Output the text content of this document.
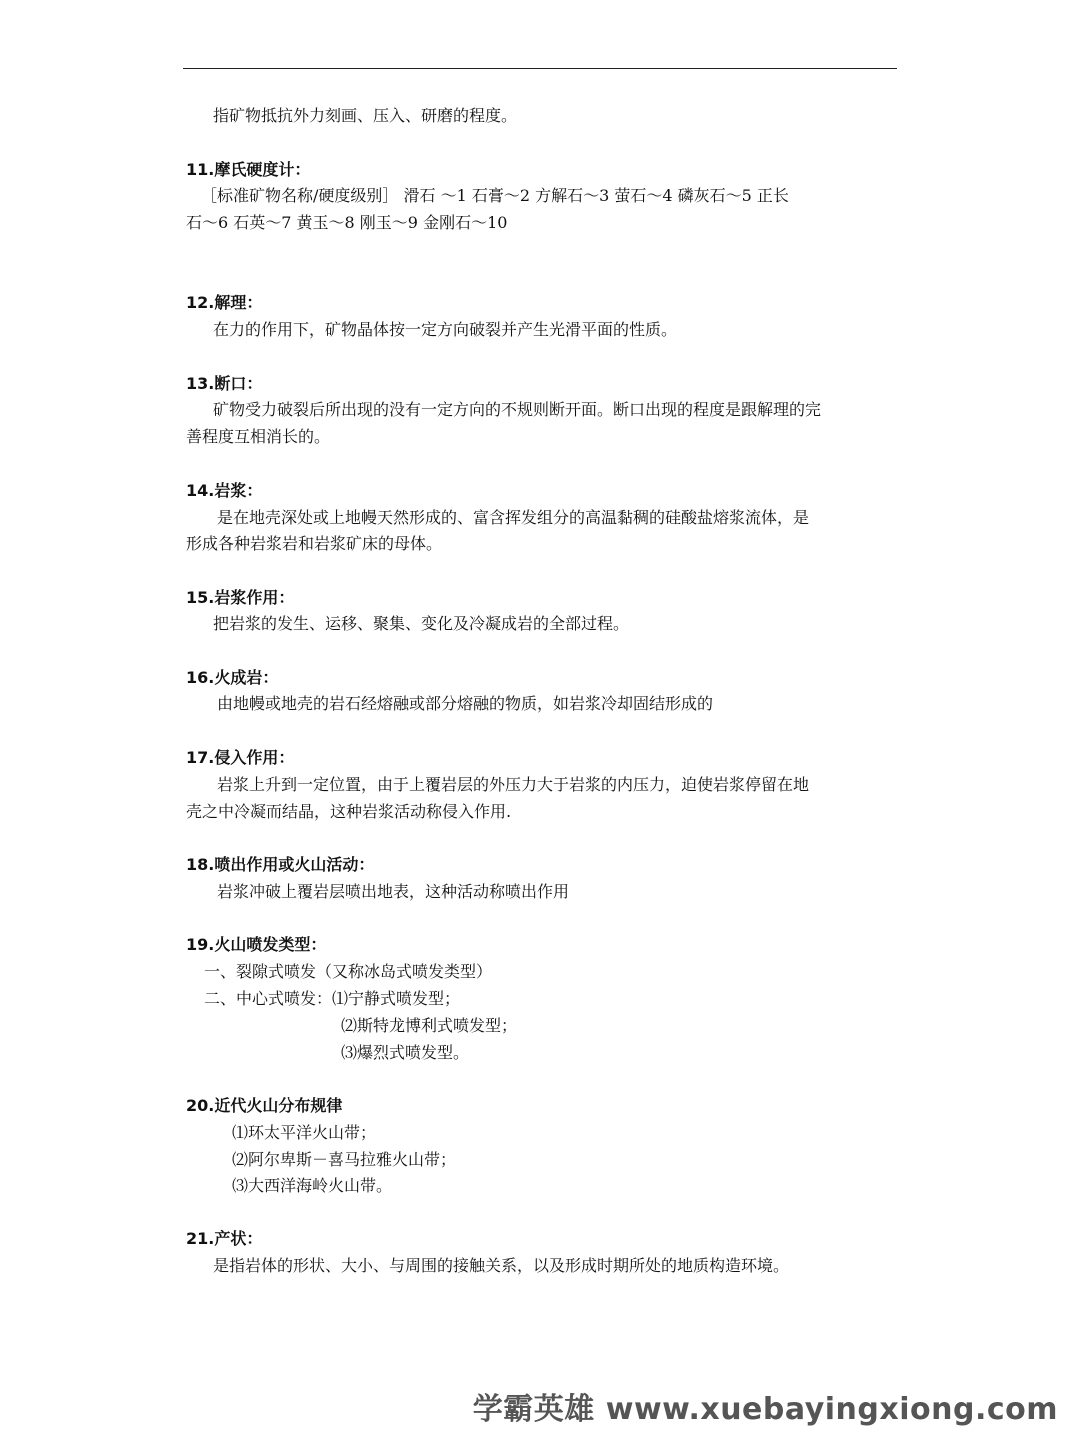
指矿物抵抗外力刻画、压入、研磨的程度。
11.摩氏硬度计：
［标准矿物名称/硬度级别］ 滑石 ～1 石膏～2 方解石～3 萤石～4 磷灰石～5 正长
石～6 石英～7 黄玉～8 刚玉～9 金刚石～10
12.解理：
在力的作用下，矿物晶体按一定方向破裂并产生光滑平面的性质。
13.断口：
矿物受力破裂后所出现的没有一定方向的不规则断开面。断口出现的程度是跟解理的完
善程度互相消长的。
14.岩浆：
是在地壳深处或上地幔天然形成的、富含挥发组分的高温黏稠的硅酸盐熔浆流体，是
形成各种岩浆岩和岩浆矿床的母体。
15.岩浆作用：
把岩浆的发生、运移、聚集、变化及冷凝成岩的全部过程。
16.火成岩：
由地幔或地壳的岩石经熔融或部分熔融的物质，如岩浆冷却固结形成的
17.侵入作用：
岩浆上升到一定位置，由于上覆岩层的外压力大于岩浆的内压力，迫使岩浆停留在地
壳之中冷凝而结晶，这种岩浆活动称侵入作用.
18.喷出作用或火山活动：
岩浆冲破上覆岩层喷出地表，这种活动称喷出作用
19.火山喷发类型：
一、裂隙式喷发（又称冰岛式喷发类型）
二、中心式喷发：⑴宁静式喷发型；
⑵斯特龙博利式喷发型；
⑶爆烈式喷发型。
20.近代火山分布规律
⑴环太平洋火山带；
⑵阿尔卑斯－喜马拉雅火山带；
⑶大西洋海岭火山带。
21.产状：
是指岩体的形状、大小、与周围的接触关系，以及形成时期所处的地质构造环境。
学霸英雄 www.xuebayingxiong.com
